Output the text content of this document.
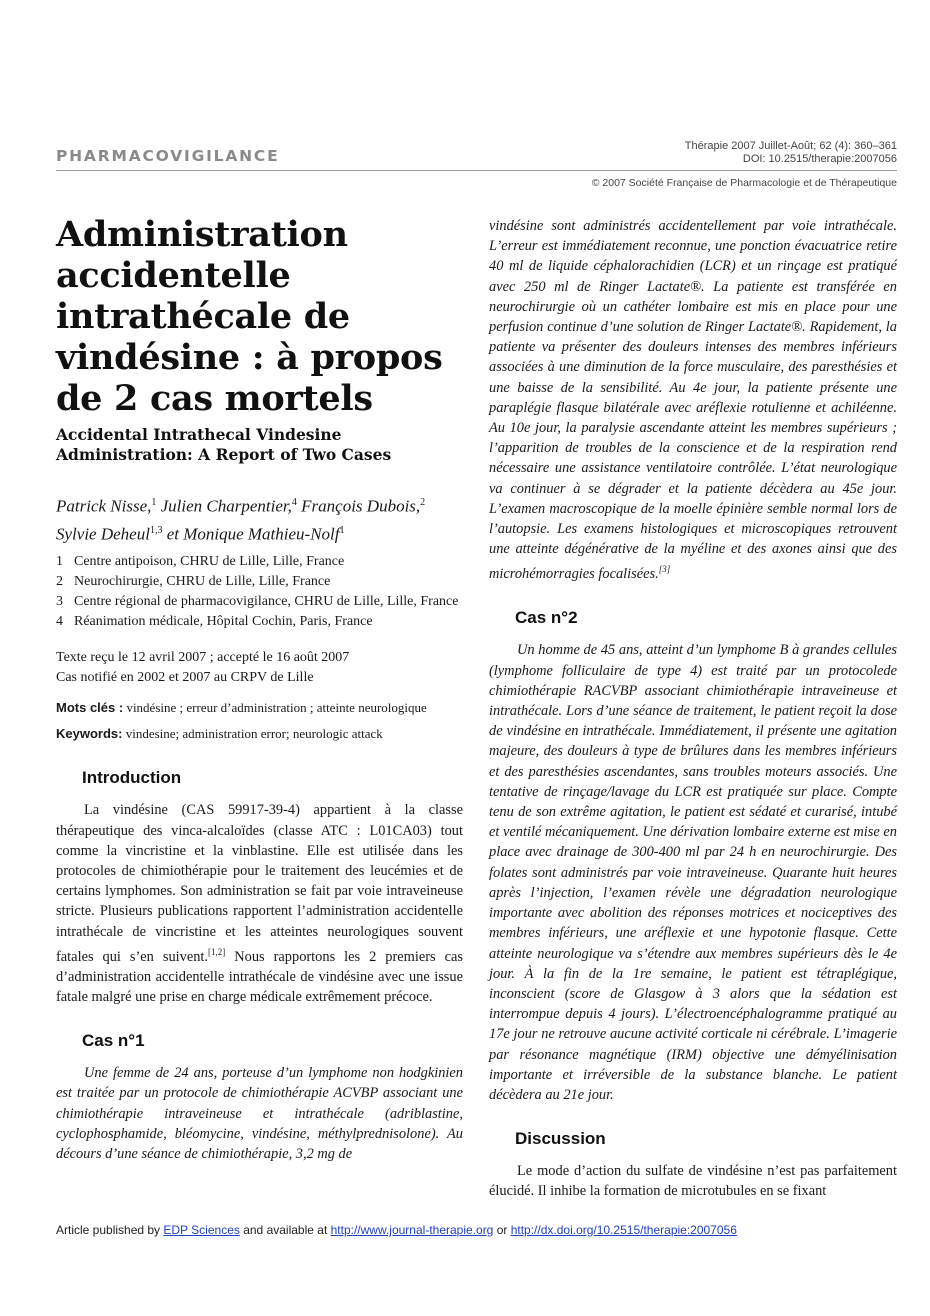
PHARMACOVIGILANCE
Thérapie 2007 Juillet-Août; 62 (4): 360–361
DOI: 10.2515/therapie:2007056
© 2007 Société Française de Pharmacologie et de Thérapeutique
Administration accidentelle intrathécale de vindésine : à propos de 2 cas mortels
Accidental Intrathecal Vindesine
Administration: A Report of Two Cases
Patrick Nisse,$^1$ Julien Charpentier,$^4$ François Dubois,$^2$
Sylvie Deheul$^{1,3}$ et Monique Mathieu-Nolf$^1$
1 Centre antipoison, CHRU de Lille, Lille, France
2 Neurochirurgie, CHRU de Lille, Lille, France
3 Centre régional de pharmacovigilance, CHRU de Lille, Lille, France
4 Réanimation médicale, Hôpital Cochin, Paris, France
Texte reçu le 12 avril 2007 ; accepté le 16 août 2007
Cas notifié en 2002 et 2007 au CRPV de Lille
Mots clés : vindésine ; erreur d’administration ; atteinte neurologique
Keywords: vindesine; administration error; neurologic attack
Introduction

La vindésine (CAS 59917-39-4) appartient à la classe thérapeutique des vinca-alcaloïdes (classe ATC : L01CA03) tout comme la vincristine et la vinblastine. Elle est utilisée dans les protocoles de chimiothérapie pour le traitement des leucémies et de certains lymphomes. Son administration se fait par voie intraveineuse stricte. Plusieurs publications rapportent l’administration accidentelle intrathécale de vincristine et les atteintes neurologiques souvent fatales qui s’en suivent.[1,2] Nous rapportons les 2 premiers cas d’administration accidentelle intrathécale de vindésine avec une issue fatale malgré une prise en charge médicale extrêmement précoce.

Cas n°1

Une femme de 24 ans, porteuse d’un lymphome non hodgkinien est traitée par un protocole de chimiothérapie ACVBP associant une chimiothérapie intraveineuse et intrathécale (adriblastine, cyclophosphamide, bléomycine, vindésine, méthylprednisolone). Au décours d’une séance de chimiothérapie, 3,2 mg de

vindésine sont administrés accidentellement par voie intrathécale. L’erreur est immédiatement reconnue, une ponction évacuatrice retire 40 ml de liquide céphalorachidien (LCR) et un rinçage est pratiqué avec 250 ml de Ringer Lactate®. La patiente est transférée en neurochirurgie où un cathéter lombaire est mis en place pour une perfusion continue d’une solution de Ringer Lactate®. Rapidement, la patiente va présenter des douleurs intenses des membres inférieurs associées à une diminution de la force musculaire, des paresthésies et une baisse de la sensibilité. Au 4e jour, la patiente présente une paraplégie flasque bilatérale avec aréflexie rotulienne et achiléenne. Au 10e jour, la paralysie ascendante atteint les membres supérieurs ; l’apparition de troubles de la conscience et de la respiration rend nécessaire une assistance ventilatoire contrôlée. L’état neurologique va continuer à se dégrader et la patiente décèdera au 45e jour. L’examen macroscopique de la moelle épinière semble normal lors de l’autopsie. Les examens histologiques et microscopiques retrouvent une atteinte dégénérative de la myéline et des axones ainsi que des microhémorragies focalisées.[3]

Cas n°2

Un homme de 45 ans, atteint d’un lymphome B à grandes cellules (lymphome folliculaire de type 4) est traité par un protocolede chimiothérapie RACVBP associant chimiothérapie intraveineuse et intrathécale. Lors d’une séance de traitement, le patient reçoit la dose de vindésine en intrathécale. Immédiatement, il présente une agitation majeure, des douleurs à type de brûlures dans les membres inférieurs et des paresthésies ascendantes, sans troubles moteurs associés. Une tentative de rinçage/lavage du LCR est pratiquée sur place. Compte tenu de son extrême agitation, le patient est sédaté et curarisé, intubé et ventilé mécaniquement. Une dérivation lombaire externe est mise en place avec drainage de 300-400 ml par 24 h en neurochirurgie. Des folates sont administrés par voie intraveineuse. Quarante huit heures après l’injection, l’examen révèle une dégradation neurologique importante avec abolition des réponses motrices et nociceptives des membres inférieurs, une aréflexie et une hypotonie flasque. Cette atteinte neurologique va s’étendre aux membres supérieurs dès le 4e jour. À la fin de la 1re semaine, le patient est tétraplégique, inconscient (score de Glasgow à 3 alors que la sédation est interrompue depuis 4 jours). L’électroencéphalogramme pratiqué au 17e jour ne retrouve aucune activité corticale ni cérébrale. L’imagerie par résonance magnétique (IRM) objective une démyélinisation importante et irréversible de la substance blanche. Le patient décèdera au 21e jour.

Discussion

Le mode d’action du sulfate de vindésine n’est pas parfaitement élucidé. Il inhibe la formation de microtubules en se fixant

Article published by EDP Sciences and available at http://www.journal-therapie.org or http://dx.doi.org/10.2515/therapie:2007056
